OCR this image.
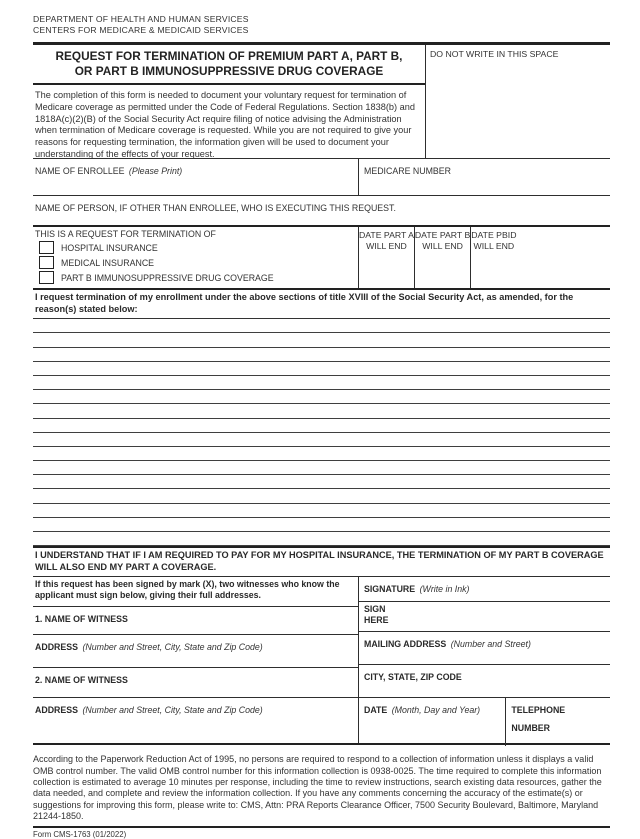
DEPARTMENT OF HEALTH AND HUMAN SERVICES
CENTERS FOR MEDICARE & MEDICAID SERVICES
REQUEST FOR TERMINATION OF PREMIUM PART A, PART B,
OR PART B IMMUNOSUPPRESSIVE DRUG COVERAGE
The completion of this form is needed to document your voluntary request for termination of Medicare coverage as permitted under the Code of Federal Regulations. Section 1838(b) and 1818A(c)(2)(B) of the Social Security Act require filing of notice advising the Administration when termination of Medicare coverage is requested. While you are not required to give your reasons for requesting termination, the information given will be used to document your understanding of the effects of your request.
DO NOT WRITE IN THIS SPACE
NAME OF ENROLLEE (Please Print)	MEDICARE NUMBER
NAME OF PERSON, IF OTHER THAN ENROLLEE, WHO IS EXECUTING THIS REQUEST.
THIS IS A REQUEST FOR TERMINATION OF
HOSPITAL INSURANCE
MEDICAL INSURANCE
PART B IMMUNOSUPPRESSIVE DRUG COVERAGE
DATE PART A
WILL END
DATE PART B
WILL END
DATE PBID
WILL END
I request termination of my enrollment under the above sections of title XVIII of the Social Security Act, as amended, for the reason(s) stated below:
I UNDERSTAND THAT IF I AM REQUIRED TO PAY FOR MY HOSPITAL INSURANCE, THE TERMINATION OF MY PART B COVERAGE WILL ALSO END MY PART A COVERAGE.
If this request has been signed by mark (X), two witnesses who know the applicant must sign below, giving their full addresses.
1. NAME OF WITNESS
ADDRESS (Number and Street, City, State and Zip Code)
2. NAME OF WITNESS
ADDRESS (Number and Street, City, State and Zip Code)
SIGNATURE (Write in Ink)
SIGN
HERE
MAILING ADDRESS (Number and Street)
CITY, STATE, ZIP CODE
DATE (Month, Day and Year)	TELEPHONE NUMBER
According to the Paperwork Reduction Act of 1995, no persons are required to respond to a collection of information unless it displays a valid OMB control number. The valid OMB control number for this information collection is 0938-0025. The time required to complete this information collection is estimated to average 10 minutes per response, including the time to review instructions, search existing data resources, gather the data needed, and complete and review the information collection. If you have any comments concerning the accuracy of the estimate(s) or suggestions for improving this form, please write to: CMS, Attn: PRA Reports Clearance Officer, 7500 Security Boulevard, Baltimore, Maryland 21244-1850.
Form CMS-1763 (01/2022)
